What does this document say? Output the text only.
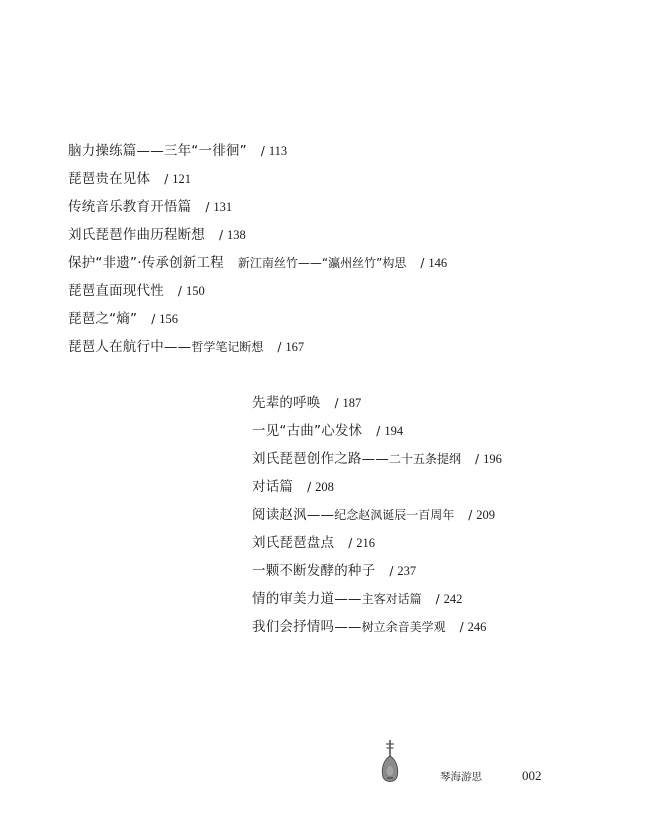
脑力操练篇——三年“一徘徊” / 113
琵琶贵在见体 / 121
传统音乐教育开悟篇 / 131
刘氏琵琶作曲历程断想 / 138
保护“非遗”·传承创新工程 新江南丝竹——“瀛州丝竹”构思 / 146
琵琶直面现代性 / 150
琵琶之“熵” / 156
琵琶人在航行中——哲学笔记断想 / 167
先辈的呼唤 / 187
一见“古曲”心发怵 / 194
刘氏琵琶创作之路——二十五条提纲 / 196
对话篇 / 208
阅读赵沨——纪念赵沨诞辰一百周年 / 209
刘氏琵琶盘点 / 216
一颗不断发酵的种子 / 237
情的审美力道——主客对话篇 / 242
我们会抒情吗——树立余音美学观 / 246
琴海游思	002
